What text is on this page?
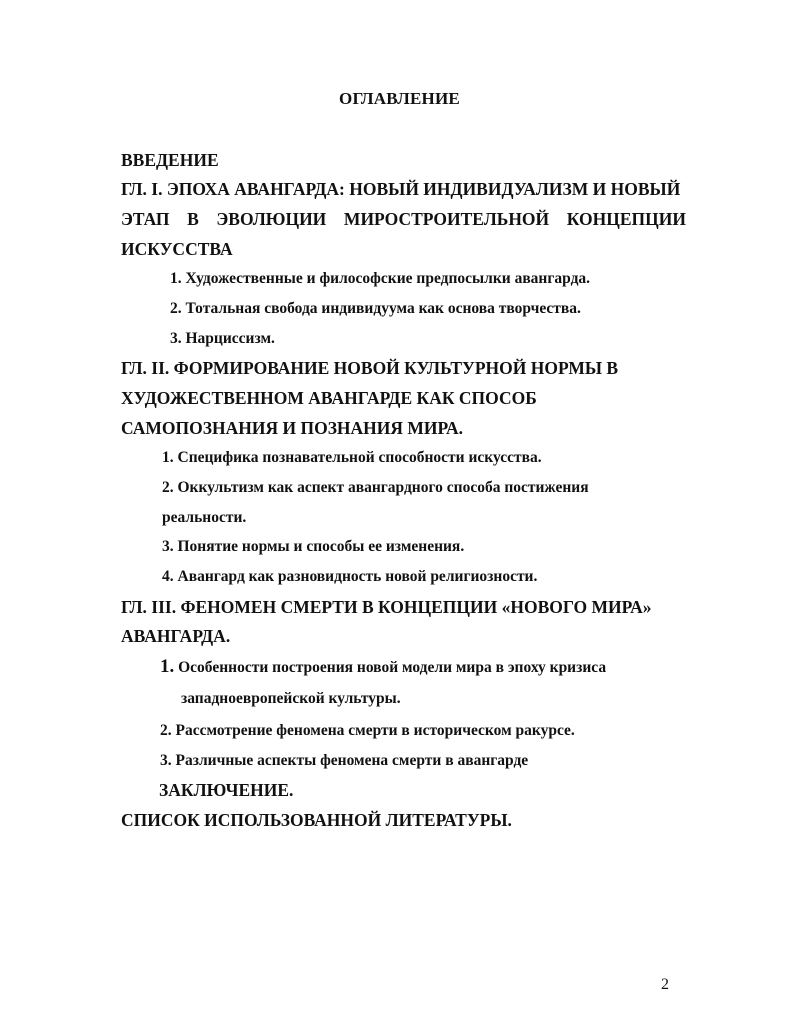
ОГЛАВЛЕНИЕ
ВВЕДЕНИЕ
ГЛ. I. ЭПОХА АВАНГАРДА: НОВЫЙ ИНДИВИДУАЛИЗМ И НОВЫЙ
ЭТАП В ЭВОЛЮЦИИ МИРОСТРОИТЕЛЬНОЙ КОНЦЕПЦИИ
ИСКУССТВА
1. Художественные и философские предпосылки авангарда.
2. Тотальная свобода индивидуума как основа творчества.
3. Нарциссизм.
ГЛ. II. ФОРМИРОВАНИЕ НОВОЙ КУЛЬТУРНОЙ НОРМЫ В
ХУДОЖЕСТВЕННОМ АВАНГАРДЕ КАК СПОСОБ
САМОПОЗНАНИЯ И ПОЗНАНИЯ МИРА.
1. Специфика познавательной способности искусства.
2. Оккультизм как аспект авангардного способа постижения
реальности.
3. Понятие нормы и способы ее изменения.
4. Авангард как разновидность новой религиозности.
ГЛ. III. ФЕНОМЕН СМЕРТИ В КОНЦЕПЦИИ «НОВОГО МИРА»
АВАНГАРДА.
1. Особенности построения новой модели мира в эпоху кризиса
западноевропейской культуры.
2. Рассмотрение феномена смерти в историческом ракурсе.
3. Различные аспекты феномена смерти в авангарде
ЗАКЛЮЧЕНИЕ.
СПИСОК ИСПОЛЬЗОВАННОЙ ЛИТЕРАТУРЫ.
2
